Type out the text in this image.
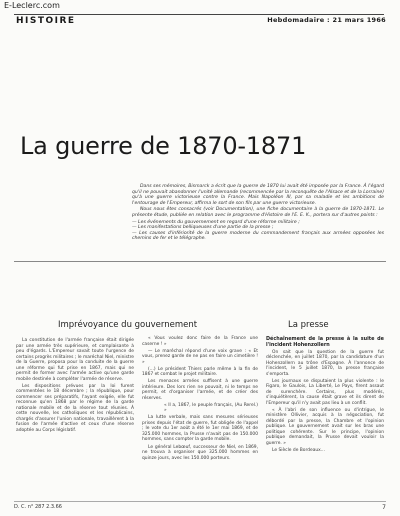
E-Leclerc.com
HISTOIRE	Hebdomadaire : 21 mars 1966
La guerre de 1870-1871

Dans ses mémoires, Bismarck a écrit que la guerre de 1870 lui avait été imposée par la France. À l'égard qu'il ne pouvait abandonner l'unité allemande (recommencée par la reconquête de l'Alsace et de la Lorraine) qu'à une guerre victorieuse contre la France. Mais Napoléon III, par sa maladie et les ambitions de l'entourage de l'Empereur, affirma le sort de son fils par une guerre victorieuse.

Nous nous êtes consacrés (voir Documentation), une fiche documentaire à la guerre de 1870-1871. Le présente étude, publiée en relation avec le programme d'Histoire de l'E. E. K., portera sur d'autres points :

— Les événements du gouvernement en regard d'une réforme militaire ;
— Les manifestations belliqueuses d'une partie de la presse ;
— Les causes d'infériorité de la guerre moderne du commandement français aux armées opposées les chemins de fer et le télégraphe.
Imprévoyance du gouvernement	La presse

La constitution de l'armée française était dirigée par une armée très supérieure, et complaisante à peu d'égards. L'Empereur savait toute l'urgence de certains progrès militaires ; le maréchal Niel, ministre de la Guerre, proposa pour la conduite de la guerre une réforme qui fut prise en 1867, mais qui ne permit de former avec l'armée active qu'une garde mobile destinée à compléter l'armée de réserve.

Les dispositions prévues par la loi furent commentées le 18 décembre ; la république, pour commencer ses préparatifs, l'ayant exigée, elle fut reconnue qu'en 1868 par le régime de la garde nationale mobile et de la réserve tout réunies. À cette nouvelle, les catholiques et les républicains, chargés d'assurer l'union nationale, travaillèrent à la fusion de l'armée d'active et ceux d'une réserve adoptée au Corps législatif.

« Vous voulez donc faire de la France une caserne ! »

— Le maréchal répond d'une voix grave : « Et vous, prenez garde de ne pas en faire un cimetière ! »

(...) Le président Thiers parle même à la fin de 1867 et combat le projet militaire.

Les menaces armées suffisent à une guerre intérieure. Des lors rien ne pouvait, ni le temps ne permit, et d'organiser l'armée, et de créer des réserves.

« Il a, 1867, le peuple français, (Au Rerel.) »

La lutte verbale, mais sans mesures sérieuses prises depuis l'état de guerre, fut obligée de l'appel ; le vote du 1er août a été le 1er mai 1869, et de 325.000 hommes, la Prusse n'avait pas de 150.000 hommes, sans compter la garde mobile.

Le général Lebœuf, successeur de Niel, en 1869, ne trouva à organiser que 325.000 hommes en quinze jours, avec les 150.000 porteurs.

Déchaînement de la presse à la suite de l'incident Hohenzollern

On sait que la question de la guerre fut déclenchée, en juillet 1870, par la candidature d'un Hohenzollern au trône d'Espagne. À l'annonce de l'incident, le 5 juillet 1870, la presse française s'emporta.

Les journaux se disputaient la plus violente : le Figaro, le Gaulois, La Liberté, Le Pays, firent assaut de surenchère. Certains, plus modérés, s'inquiétèrent, la cause était grave et ils dirent de l'Empereur qu'il n'y avait pas lieu à un conflit.

« À l'abri de son influence ou d'intrigue, le ministère Ollivier, acquis à la négociation, fut débordé par la presse, la Chambre et l'opinion publique. Le gouvernement avait sur les bras une politique cohérente. Sur le principe, l'opinion publique demandait, la Prusse devait vouloir la guerre. »

Le Siècle de Bordeaux...

D. C. n° 287 2.3.66	7
